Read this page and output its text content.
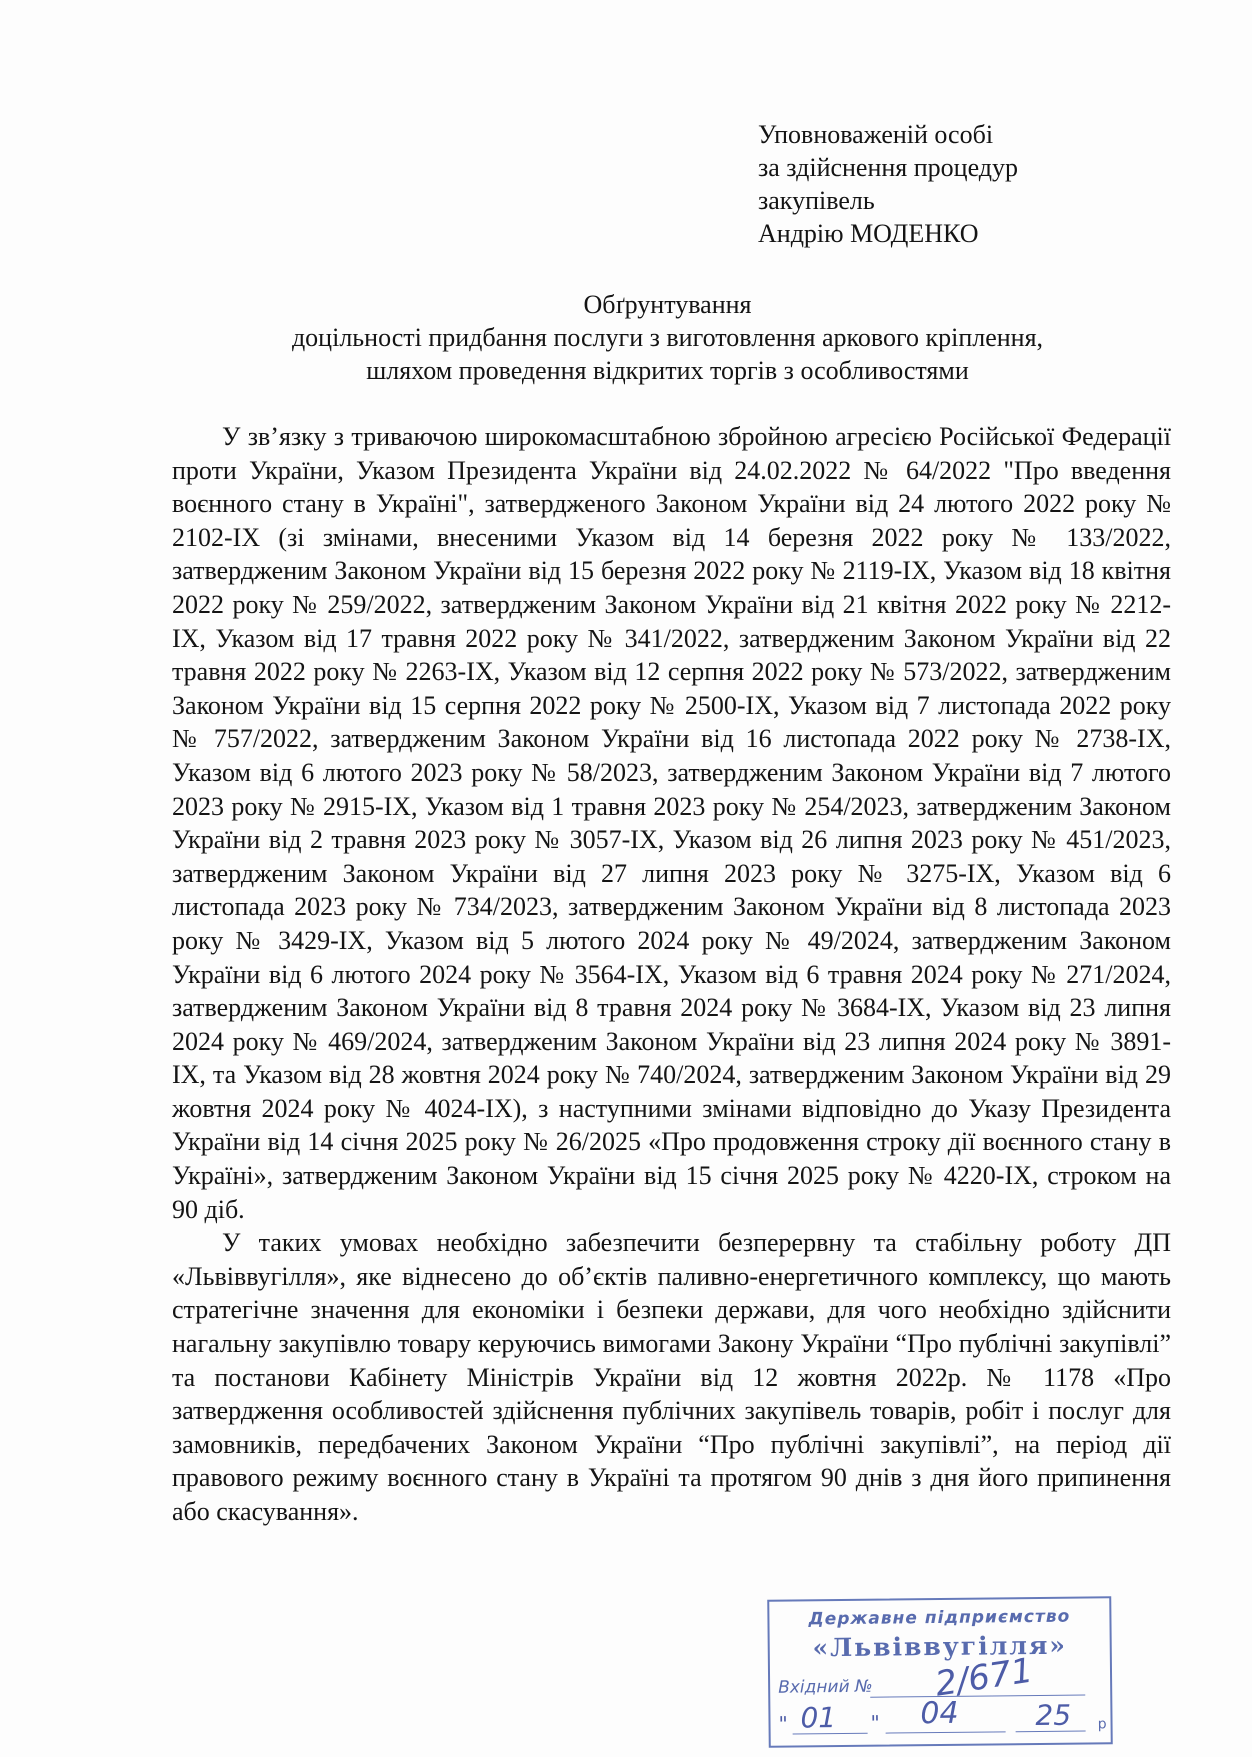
Уповноваженій особі
за здійснення процедур
закупівель
Андрію МОДЕНКО
Обґрунтування
доцільності придбання послуги з виготовлення аркового кріплення,
шляхом проведення відкритих торгів з особливостями

У зв’язку з триваючою широкомасштабною збройною агресією Російської Федерації проти України, Указом Президента України від 24.02.2022 № 64/2022 "Про введення воєнного стану в Україні", затвердженого Законом України від 24 лютого 2022 року № 2102-IX (зі змінами, внесеними Указом від 14 березня 2022 року № 133/2022, затвердженим Законом України від 15 березня 2022 року № 2119-IX, Указом від 18 квітня 2022 року № 259/2022, затвердженим Законом України від 21 квітня 2022 року № 2212-IX, Указом від 17 травня 2022 року № 341/2022, затвердженим Законом України від 22 травня 2022 року № 2263-IX, Указом від 12 серпня 2022 року № 573/2022, затвердженим Законом України від 15 серпня 2022 року № 2500-IX, Указом від 7 листопада 2022 року № 757/2022, затвердженим Законом України від 16 листопада 2022 року № 2738-IX, Указом від 6 лютого 2023 року № 58/2023, затвердженим Законом України від 7 лютого 2023 року № 2915-IX, Указом від 1 травня 2023 року № 254/2023, затвердженим Законом України від 2 травня 2023 року № 3057-IX, Указом від 26 липня 2023 року № 451/2023, затвердженим Законом України від 27 липня 2023 року № 3275-IX, Указом від 6 листопада 2023 року № 734/2023, затвердженим Законом України від 8 листопада 2023 року № 3429-IX, Указом від 5 лютого 2024 року № 49/2024, затвердженим Законом України від 6 лютого 2024 року № 3564-IX, Указом від 6 травня 2024 року № 271/2024, затвердженим Законом України від 8 травня 2024 року № 3684-IX, Указом від 23 липня 2024 року № 469/2024, затвердженим Законом України від 23 липня 2024 року № 3891-IX, та Указом від 28 жовтня 2024 року № 740/2024, затвердженим Законом України від 29 жовтня 2024 року № 4024-IX), з наступними змінами відповідно до Указу Президента України від 14 січня 2025 року № 26/2025 «Про продовження строку дії воєнного стану в Україні», затвердженим Законом України від 15 січня 2025 року № 4220-IX, строком на 90 діб.

У таких умовах необхідно забезпечити безперервну та стабільну роботу ДП «Львіввугілля», яке віднесено до об’єктів паливно-енергетичного комплексу, що мають стратегічне значення для економіки і безпеки держави, для чого необхідно здійснити нагальну закупівлю товару керуючись вимогами Закону України “Про публічні закупівлі” та постанови Кабінету Міністрів України від 12 жовтня 2022р. № 1178 «Про затвердження особливостей здійснення публічних закупівель товарів, робіт і послуг для замовників, передбачених Законом України “Про публічні закупівлі”, на період дії правового режиму воєнного стану в Україні та протягом 90 днів з дня його припинення або скасування».

Державне підприємство
«Львіввугілля»
Вхідний № 2/671
" 01 " 04	25 р
